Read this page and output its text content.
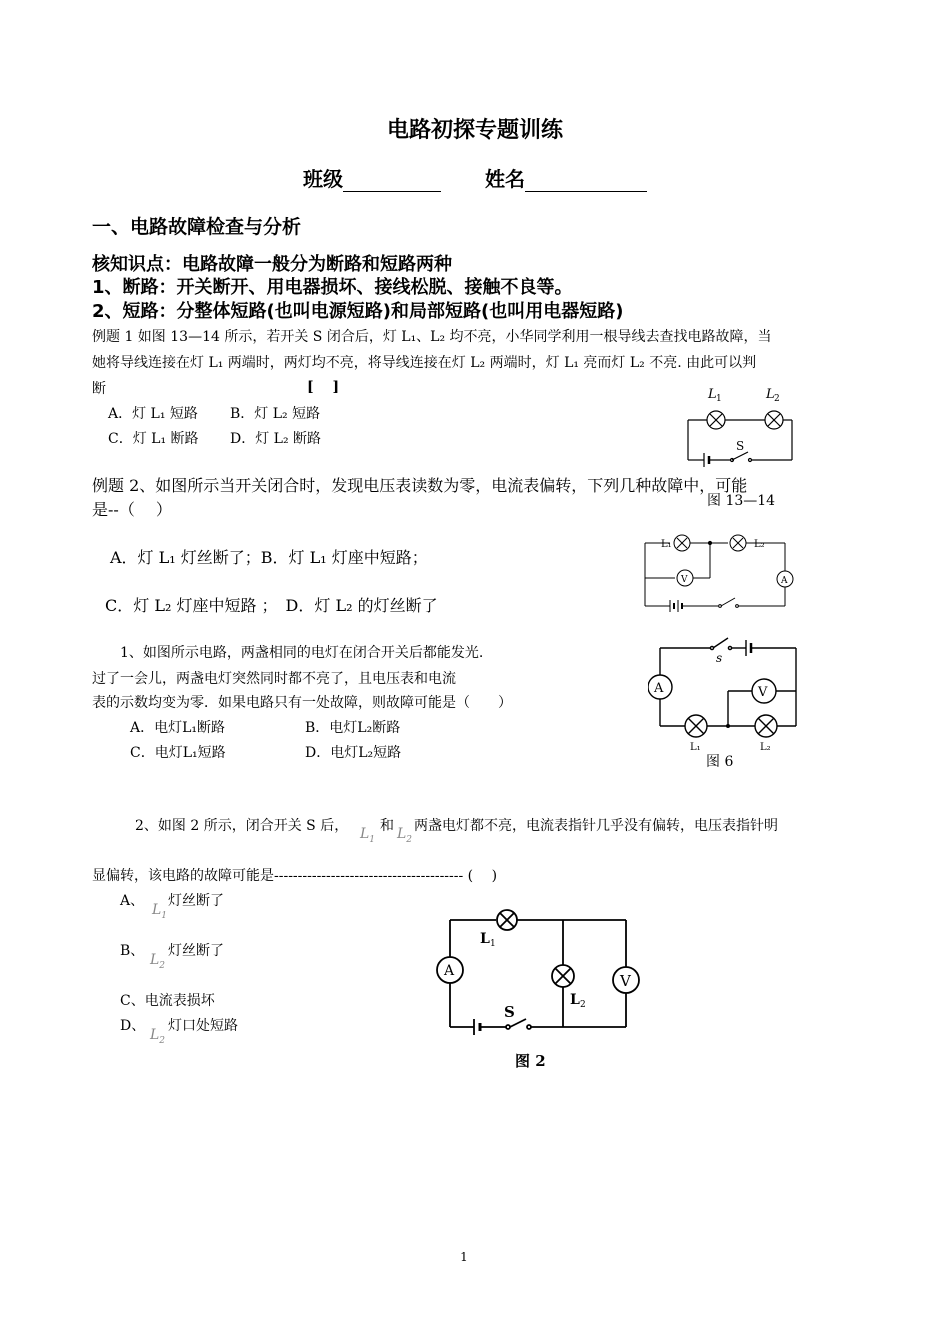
电路初探专题训练
班级	姓名
一、电路故障检查与分析
核知识点：电路故障一般分为断路和短路两种
1、断路：开关断开、用电器损坏、接线松脱、接触不良等。
2、短路：分整体短路(也叫电源短路)和局部短路(也叫用电器短路)
例题 1 如图 13—14 所示，若开关 S 闭合后，灯 L₁、L₂ 均不亮，小华同学利用一根导线去查找电路故障，当
她将导线连接在灯 L₁ 两端时，两灯均不亮，将导线连接在灯 L₂ 两端时，灯 L₁ 亮而灯 L₂ 不亮. 由此可以判
断	[　 ]
A．灯 L₁ 短路 B．灯 L₂ 短路
C．灯 L₁ 断路 D．灯 L₂ 断路
L 1	L 2
S
图 13—14
例题 2、如图所示当开关闭合时，发现电压表读数为零，电流表偏转，下列几种故障中，可能
是--（　 ）
A．灯 L₁ 灯丝断了；B．灯 L₁ 灯座中短路；
C．灯 L₂ 灯座中短路 ；　D．灯 L₂ 的灯丝断了
L₁	L₂
V	A
1、如图所示电路，两盏相同的电灯在闭合开关后都能发光.
过了一会儿，两盏电灯突然同时都不亮了，且电压表和电流
表的示数均变为零．如果电路只有一处故障，则故障可能是（　　）
A．电灯L₁断路	B．电灯L₂断路
C．电灯L₁短路	D．电灯L₂短路
s
A	V
L₁	L₂
图 6
2、如图 2 所示，闭合开关 S 后， $L_1$
和 $L_2$
两盏电灯都不亮，电流表指针几乎没有偏转，电压表指针明
显偏转，该电路的故障可能是---------------------------------------- (　 )
A、
$L_1$
灯丝断了
B、
$L_2$
灯丝断了
C、电流表损坏
D、
$L_2$
灯口处短路
L 1
L 2
S
A
V
图 2
1
